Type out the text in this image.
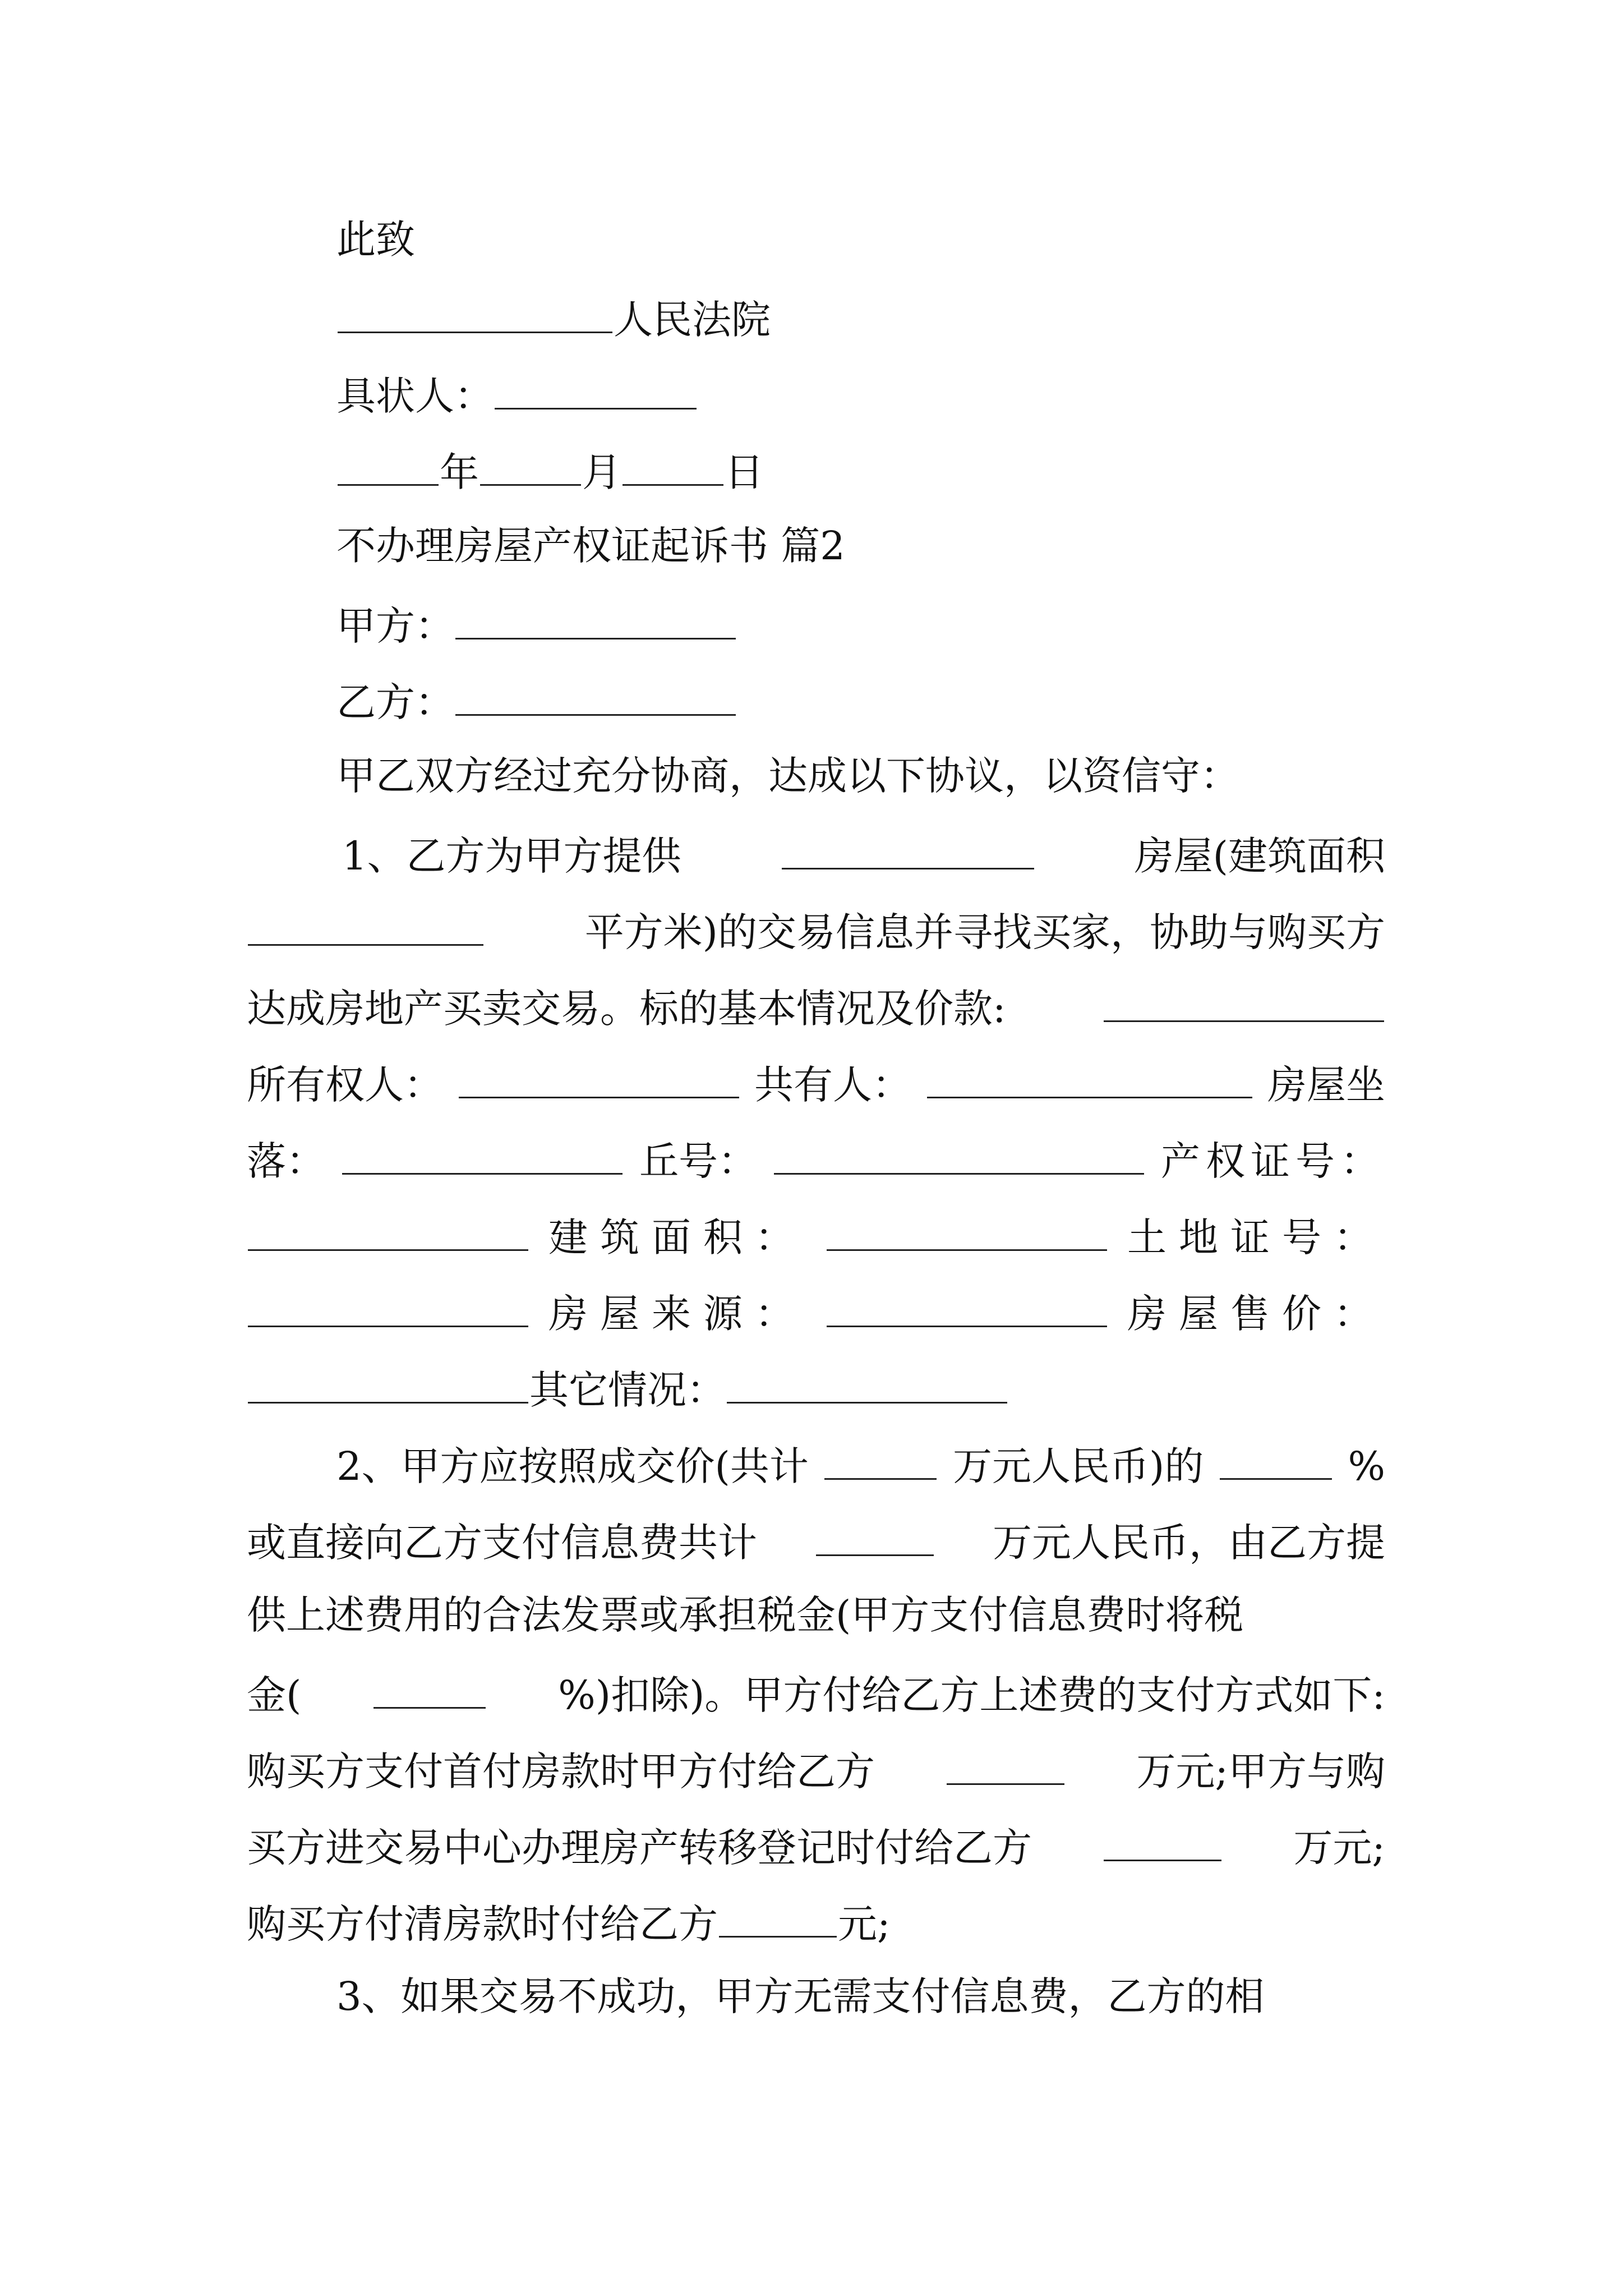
此致
人民法院
具状人：
年	月	日
不办理房屋产权证起诉书 篇2
甲方：
乙方：
甲乙双方经过充分协商，达成以下协议，以资信守：
1、乙方为甲方提供	房屋(建筑面积
平方米)的交易信息并寻找买家，协助与购买方
达成房地产买卖交易。标的基本情况及价款:
所有权人：	共有人：	房屋坐
落：	丘号：	产权证号：
建筑面积：	土地证号：
房屋来源：	房屋售价：
其它情况：
2、甲方应按照成交价(共计	万元人民币)的	%
或直接向乙方支付信息费共计	万元人民币，由乙方提
供上述费用的合法发票或承担税金(甲方支付信息费时将税
金(	%)扣除)。甲方付给乙方上述费的支付方式如下:
购买方支付首付房款时甲方付给乙方	万元;甲方与购
买方进交易中心办理房产转移登记时付给乙方	万元;
购买方付清房款时付给乙方	元;
3、如果交易不成功，甲方无需支付信息费，乙方的相
